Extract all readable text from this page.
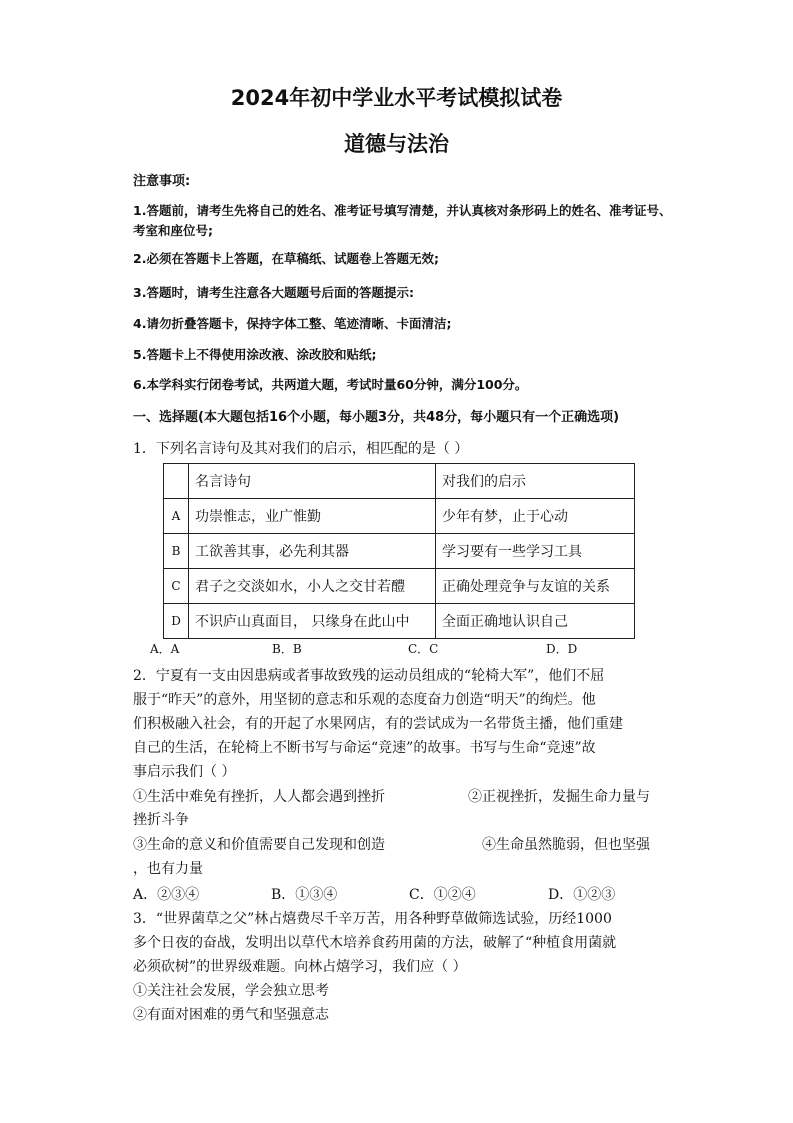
2024年初中学业水平考试模拟试卷
道德与法治
注意事项:
1.答题前，请考生先将自己的姓名、准考证号填写清楚，并认真核对条形码上的姓名、准考证号、考室和座位号;
2.必须在答题卡上答题，在草稿纸、试题卷上答题无效;
3.答题时，请考生注意各大题题号后面的答题提示:
4.请勿折叠答题卡，保持字体工整、笔迹清晰、卡面清洁;
5.答题卡上不得使用涂改液、涂改胶和贴纸;
6.本学科实行闭卷考试，共两道大题，考试时量60分钟，满分100分。
一、选择题(本大题包括16个小题，每小题3分，共48分，每小题只有一个正确选项)
1．下列名言诗句及其对我们的启示，相匹配的是（ ）
	名言诗句	对我们的启示
A	功崇惟志，业广惟勤	少年有梦，止于心动
B	工欲善其事，必先利其器	学习要有一些学习工具
C	君子之交淡如水，小人之交甘若醴	正确处理竞争与友谊的关系
D	不识庐山真面目， 只缘身在此山中	全面正确地认识自己
A．A	B．B	C．C	D．D
2．宁夏有一支由因患病或者事故致残的运动员组成的“轮椅大军”，他们不屈
服于“昨天”的意外，用坚韧的意志和乐观的态度奋力创造“明天”的绚烂。他
们积极融入社会，有的开起了水果网店，有的尝试成为一名带货主播，他们重建
自己的生活，在轮椅上不断书写与命运“竞速”的故事。书写与生命“竞速”故
事启示我们（ ）
①生活中难免有挫折，人人都会遇到挫折	②正视挫折，发掘生命力量与
挫折斗争
③生命的意义和价值需要自己发现和创造	④生命虽然脆弱，但也坚强
，也有力量
A．②③④	B．①③④	C．①②④	D．①②③
3．“世界菌草之父”林占熺费尽千辛万苦，用各种野草做筛选试验，历经1000
多个日夜的奋战，发明出以草代木培养食药用菌的方法，破解了“种植食用菌就
必须砍树”的世界级难题。向林占熺学习，我们应（ ）
①关注社会发展，学会独立思考
②有面对困难的勇气和坚强意志
